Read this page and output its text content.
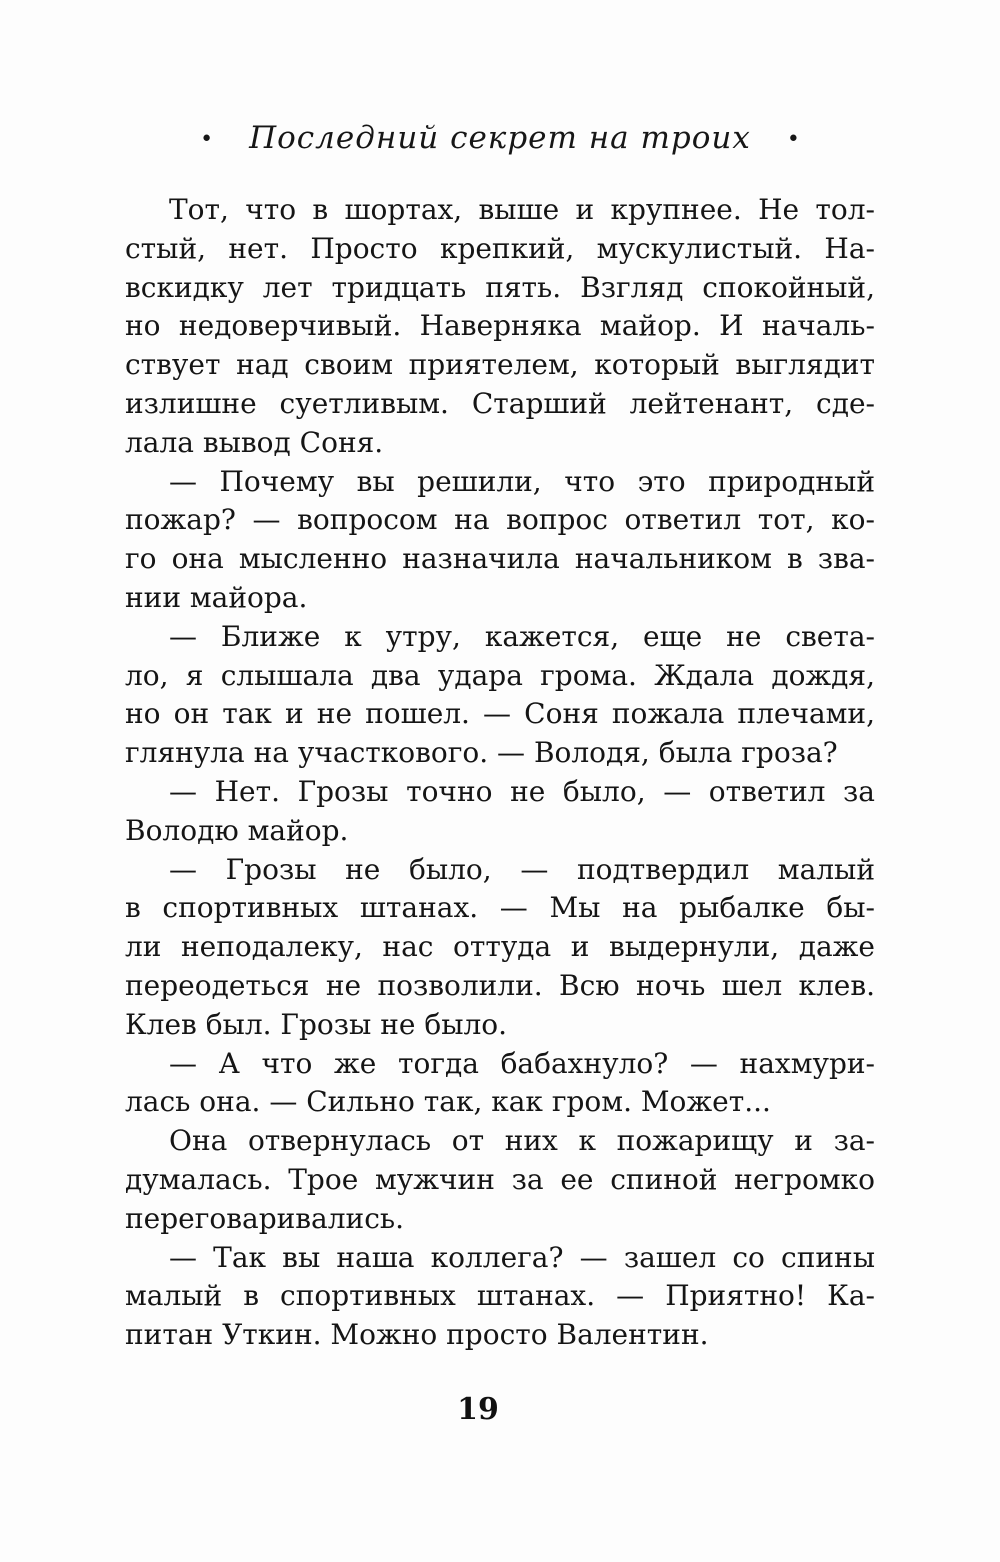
• Последний секрет на троих •
Тот, что в шортах, выше и крупнее. Не тол-
стый, нет. Просто крепкий, мускулистый. На-
вскидку лет тридцать пять. Взгляд спокойный,
но недоверчивый. Наверняка майор. И началь-
ствует над своим приятелем, который выглядит
излишне суетливым. Старший лейтенант, сде-
лала вывод Соня.
— Почему вы решили, что это природный
пожар? — вопросом на вопрос ответил тот, ко-
го она мысленно назначила начальником в зва-
нии майора.
— Ближе к утру, кажется, еще не света-
ло, я слышала два удара грома. Ждала дождя,
но он так и не пошел. — Соня пожала плечами,
глянула на участкового. — Володя, была гроза?
— Нет. Грозы точно не было, — ответил за
Володю майор.
— Грозы не было, — подтвердил малый
в спортивных штанах. — Мы на рыбалке бы-
ли неподалеку, нас оттуда и выдернули, даже
переодеться не позволили. Всю ночь шел клев.
Клев был. Грозы не было.
— А что же тогда бабахнуло? — нахмури-
лась она. — Сильно так, как гром. Может...
Она отвернулась от них к пожарищу и за-
думалась. Трое мужчин за ее спиной негромко
переговаривались.
— Так вы наша коллега? — зашел со спины
малый в спортивных штанах. — Приятно! Ка-
питан Уткин. Можно просто Валентин.
19
